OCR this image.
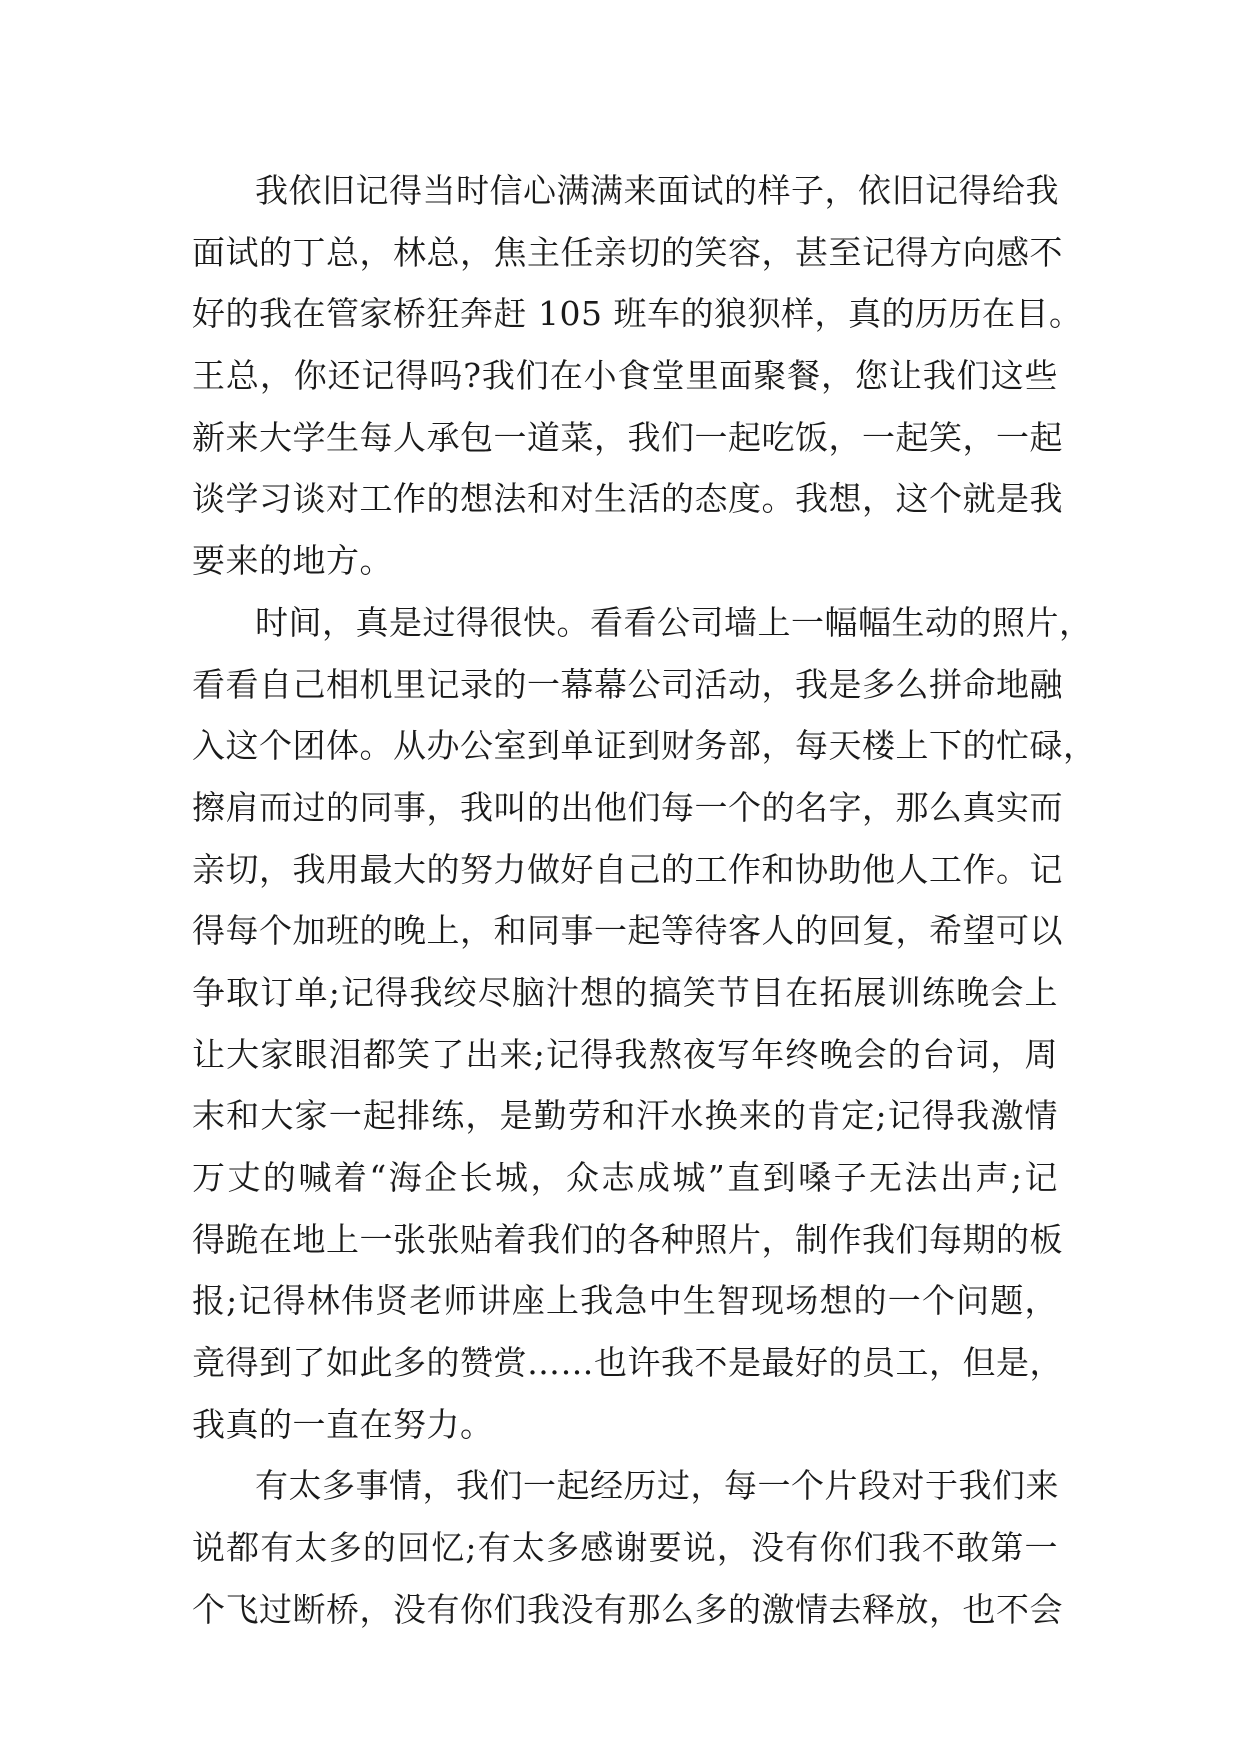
我依旧记得当时信心满满来面试的样子，依旧记得给我
面试的丁总，林总，焦主任亲切的笑容，甚至记得方向感不
好的我在管家桥狂奔赶 105 班车的狼狈样，真的历历在目。
王总，你还记得吗?我们在小食堂里面聚餐，您让我们这些
新来大学生每人承包一道菜，我们一起吃饭，一起笑，一起
谈学习谈对工作的想法和对生活的态度。我想，这个就是我
要来的地方。
时间，真是过得很快。看看公司墙上一幅幅生动的照片，
看看自己相机里记录的一幕幕公司活动，我是多么拼命地融
入这个团体。从办公室到单证到财务部，每天楼上下的忙碌，
擦肩而过的同事，我叫的出他们每一个的名字，那么真实而
亲切，我用最大的努力做好自己的工作和协助他人工作。记
得每个加班的晚上，和同事一起等待客人的回复，希望可以
争取订单;记得我绞尽脑汁想的搞笑节目在拓展训练晚会上
让大家眼泪都笑了出来;记得我熬夜写年终晚会的台词，周
末和大家一起排练，是勤劳和汗水换来的肯定;记得我激情
万丈的喊着“海企长城，众志成城”直到嗓子无法出声;记
得跪在地上一张张贴着我们的各种照片，制作我们每期的板
报;记得林伟贤老师讲座上我急中生智现场想的一个问题，
竟得到了如此多的赞赏……也许我不是最好的员工，但是，
我真的一直在努力。
有太多事情，我们一起经历过，每一个片段对于我们来
说都有太多的回忆;有太多感谢要说，没有你们我不敢第一
个飞过断桥，没有你们我没有那么多的激情去释放，也不会
